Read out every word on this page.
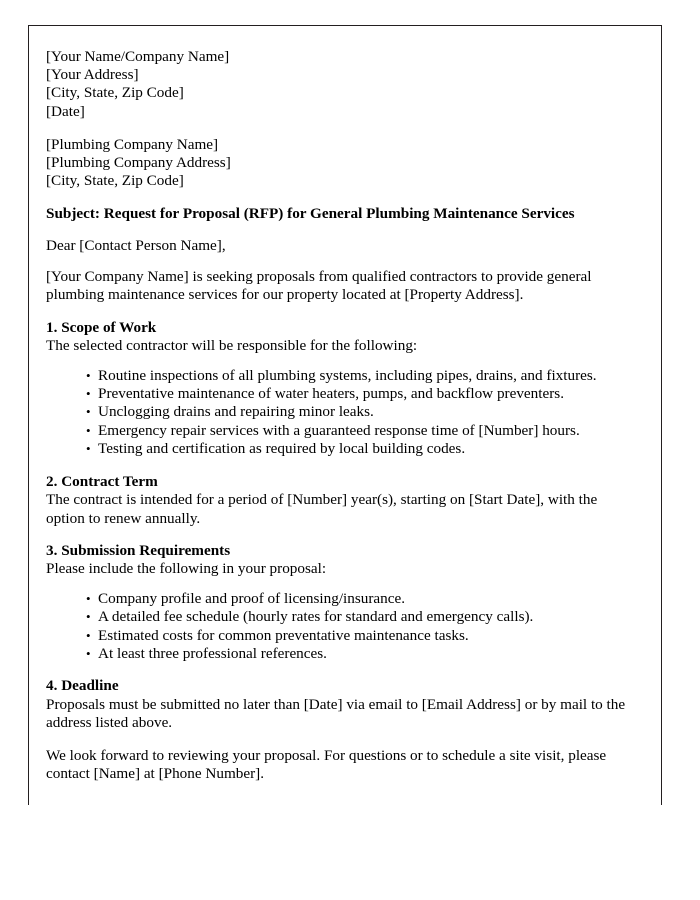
[Your Name/Company Name]
[Your Address]
[City, State, Zip Code]
[Date]
[Plumbing Company Name]
[Plumbing Company Address]
[City, State, Zip Code]

Subject: Request for Proposal (RFP) for General Plumbing Maintenance Services

Dear [Contact Person Name],

[Your Company Name] is seeking proposals from qualified contractors to provide general plumbing maintenance services for our property located at [Property Address].

1. Scope of Work

The selected contractor will be responsible for the following:

• Routine inspections of all plumbing systems, including pipes, drains, and fixtures.
• Preventative maintenance of water heaters, pumps, and backflow preventers.
• Unclogging drains and repairing minor leaks.
• Emergency repair services with a guaranteed response time of [Number] hours.
• Testing and certification as required by local building codes.

2. Contract Term

The contract is intended for a period of [Number] year(s), starting on [Start Date], with the option to renew annually.

3. Submission Requirements

Please include the following in your proposal:

• Company profile and proof of licensing/insurance.
• A detailed fee schedule (hourly rates for standard and emergency calls).
• Estimated costs for common preventative maintenance tasks.
• At least three professional references.

4. Deadline

Proposals must be submitted no later than [Date] via email to [Email Address] or by mail to the address listed above.

We look forward to reviewing your proposal. For questions or to schedule a site visit, please contact [Name] at [Phone Number].
